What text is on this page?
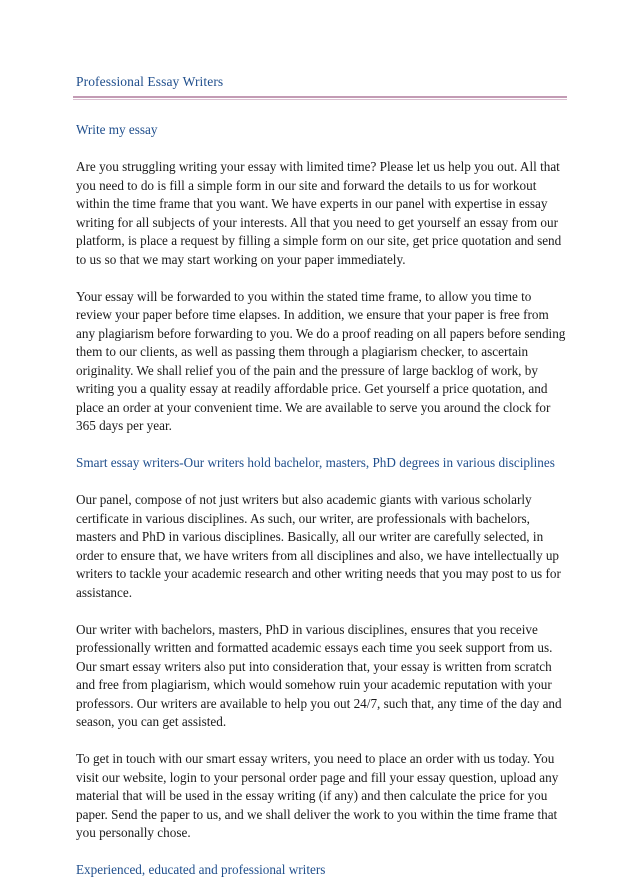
Professional Essay Writers

Write my essay

Are you struggling writing your essay with limited time? Please let us help you out. All that you need to do is fill a simple form in our site and forward the details to us for workout within the time frame that you want. We have experts in our panel with expertise in essay writing for all subjects of your interests. All that you need to get yourself an essay from our platform, is place a request by filling a simple form on our site, get price quotation and send to us so that we may start working on your paper immediately.

Your essay will be forwarded to you within the stated time frame, to allow you time to review your paper before time elapses. In addition, we ensure that your paper is free from any plagiarism before forwarding to you. We do a proof reading on all papers before sending them to our clients, as well as passing them through a plagiarism checker, to ascertain originality. We shall relief you of the pain and the pressure of large backlog of work, by writing you a quality essay at readily affordable price. Get yourself a price quotation, and place an order at your convenient time. We are available to serve you around the clock for 365 days per year.

Smart essay writers-Our writers hold bachelor, masters, PhD degrees in various disciplines

Our panel, compose of not just writers but also academic giants with various scholarly certificate in various disciplines. As such, our writer, are professionals with bachelors, masters and PhD in various disciplines. Basically, all our writer are carefully selected, in order to ensure that, we have writers from all disciplines and also, we have intellectually up writers to tackle your academic research and other writing needs that you may post to us for assistance.

Our writer with bachelors, masters, PhD in various disciplines, ensures that you receive professionally written and formatted academic essays each time you seek support from us. Our smart essay writers also put into consideration that, your essay is written from scratch and free from plagiarism, which would somehow ruin your academic reputation with your professors. Our writers are available to help you out 24/7, such that, any time of the day and season, you can get assisted.

To get in touch with our smart essay writers, you need to place an order with us today. You visit our website, login to your personal order page and fill your essay question, upload any material that will be used in the essay writing (if any) and then calculate the price for you paper. Send the paper to us, and we shall deliver the work to you within the time frame that you personally chose.

Experienced, educated and professional writers
